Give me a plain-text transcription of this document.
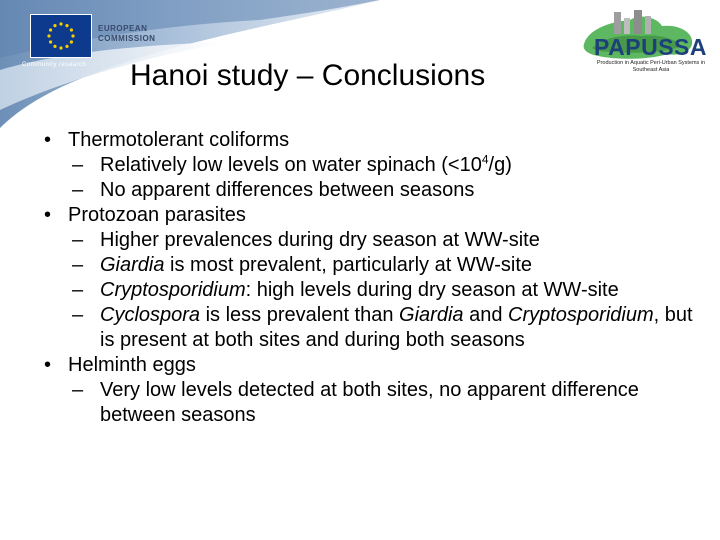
EUROPEAN
COMMISSION
Community research
PAPUSSA
Production in Aquatic Peri-Urban Systems in Southeast Asia
Hanoi study – Conclusions
• Thermotolerant coliforms
– Relatively low levels on water spinach $(<10^4/g)$
– No apparent differences between seasons
• Protozoan parasites
– Higher prevalences during dry season at WW-site
– Giardia is most prevalent, particularly at WW-site
– Cryptosporidium: high levels during dry season at WW-site
– Cyclospora is less prevalent than Giardia and Cryptosporidium, but is present at both sites and during both seasons
• Helminth eggs
– Very low levels detected at both sites, no apparent difference between seasons
